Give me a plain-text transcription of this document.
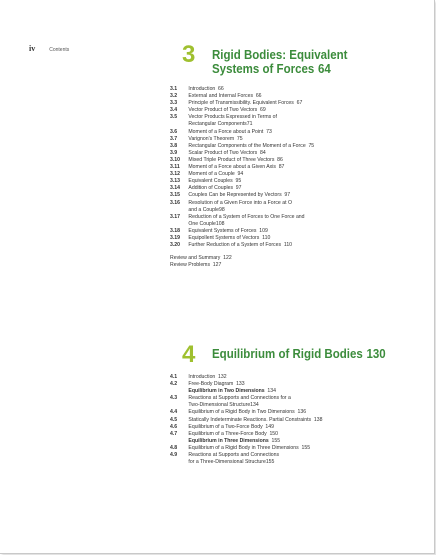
iv	Contents	3	Rigid Bodies: Equivalent
Systems of Forces 64
3.1	Introduction 66
3.2	External and Internal Forces 66
3.3	Principle of Transmissibility. Equivalent Forces 67
3.4	Vector Product of Two Vectors 69
3.5	Vector Products Expressed in Terms of
Rectangular Components71
3.6	Moment of a Force about a Point 73
3.7	Varignon's Theorem 75
3.8	Rectangular Components of the Moment of a Force 75
3.9	Scalar Product of Two Vectors 84
3.10	Mixed Triple Product of Three Vectors 86
3.11	Moment of a Force about a Given Axis 87
3.12	Moment of a Couple 94
3.13	Equivalent Couples 95
3.14	Addition of Couples 97
3.15	Couples Can be Represented by Vectors 97
3.16	Resolution of a Given Force into a Force at O
and a Couple98
3.17	Reduction of a System of Forces to One Force and
One Couple108
3.18	Equivalent Systems of Forces 109
3.19	Equipollent Systems of Vectors 110
3.20	Further Reduction of a System of Forces 110
Review and Summary 122
Review Problems 127
4	Equilibrium of Rigid Bodies 130
4.1	Introduction 132
4.2	Free-Body Diagram 133
Equilibrium in Two Dimensions 134
4.3	Reactions at Supports and Connections for a
Two-Dimensional Structure134
4.4	Equilibrium of a Rigid Body in Two Dimensions 136
4.5	Statically Indeterminate Reactions. Partial Constraints 138
4.6	Equilibrium of a Two-Force Body 149
4.7	Equilibrium of a Three-Force Body 150
Equilibrium in Three Dimensions 155
4.8	Equilibrium of a Rigid Body in Three Dimensions 155
4.9	Reactions at Supports and Connections
for a Three-Dimensional Structure155
